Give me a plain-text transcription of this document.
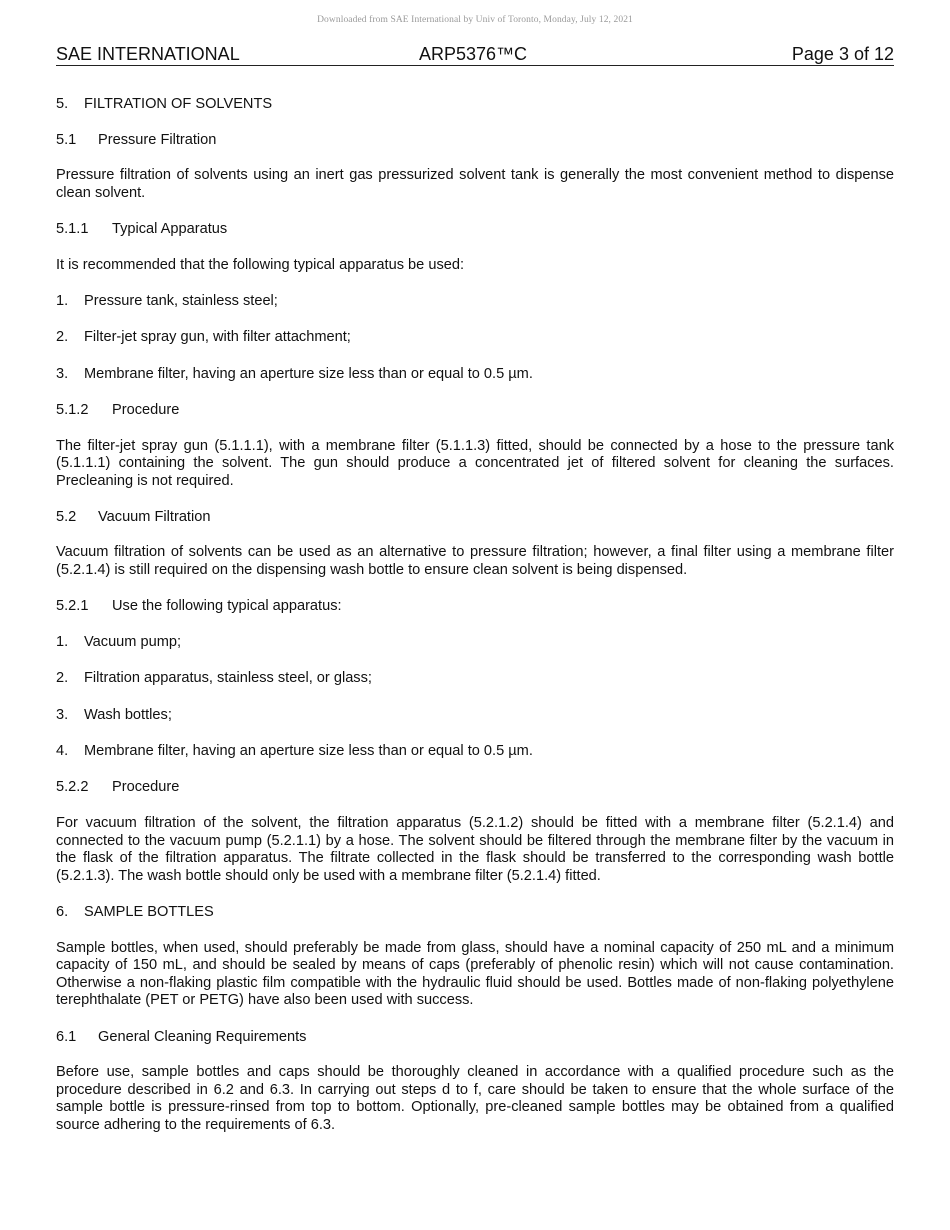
Downloaded from SAE International by Univ of Toronto, Monday, July 12, 2021
SAE INTERNATIONAL	ARP5376™C	Page 3 of 12
5.	FILTRATION OF SOLVENTS
5.1	Pressure Filtration

Pressure filtration of solvents using an inert gas pressurized solvent tank is generally the most convenient method to dispense clean solvent.

5.1.1	Typical Apparatus

It is recommended that the following typical apparatus be used:

1.	Pressure tank, stainless steel;
2.	Filter-jet spray gun, with filter attachment;
3.	Membrane filter, having an aperture size less than or equal to 0.5 µm.
5.1.2	Procedure

The filter-jet spray gun (5.1.1.1), with a membrane filter (5.1.1.3) fitted, should be connected by a hose to the pressure tank (5.1.1.1) containing the solvent. The gun should produce a concentrated jet of filtered solvent for cleaning the surfaces. Precleaning is not required.

5.2	Vacuum Filtration

Vacuum filtration of solvents can be used as an alternative to pressure filtration; however, a final filter using a membrane filter (5.2.1.4) is still required on the dispensing wash bottle to ensure clean solvent is being dispensed.

5.2.1	Use the following typical apparatus:
1.	Vacuum pump;
2.	Filtration apparatus, stainless steel, or glass;
3.	Wash bottles;
4.	Membrane filter, having an aperture size less than or equal to 0.5 µm.
5.2.2	Procedure

For vacuum filtration of the solvent, the filtration apparatus (5.2.1.2) should be fitted with a membrane filter (5.2.1.4) and connected to the vacuum pump (5.2.1.1) by a hose. The solvent should be filtered through the membrane filter by the vacuum in the flask of the filtration apparatus. The filtrate collected in the flask should be transferred to the corresponding wash bottle (5.2.1.3). The wash bottle should only be used with a membrane filter (5.2.1.4) fitted.

6.	SAMPLE BOTTLES

Sample bottles, when used, should preferably be made from glass, should have a nominal capacity of 250 mL and a minimum capacity of 150 mL, and should be sealed by means of caps (preferably of phenolic resin) which will not cause contamination. Otherwise a non-flaking plastic film compatible with the hydraulic fluid should be used. Bottles made of non-flaking polyethylene terephthalate (PET or PETG) have also been used with success.

6.1	General Cleaning Requirements

Before use, sample bottles and caps should be thoroughly cleaned in accordance with a qualified procedure such as the procedure described in 6.2 and 6.3. In carrying out steps d to f, care should be taken to ensure that the whole surface of the sample bottle is pressure-rinsed from top to bottom. Optionally, pre-cleaned sample bottles may be obtained from a qualified source adhering to the requirements of 6.3.
